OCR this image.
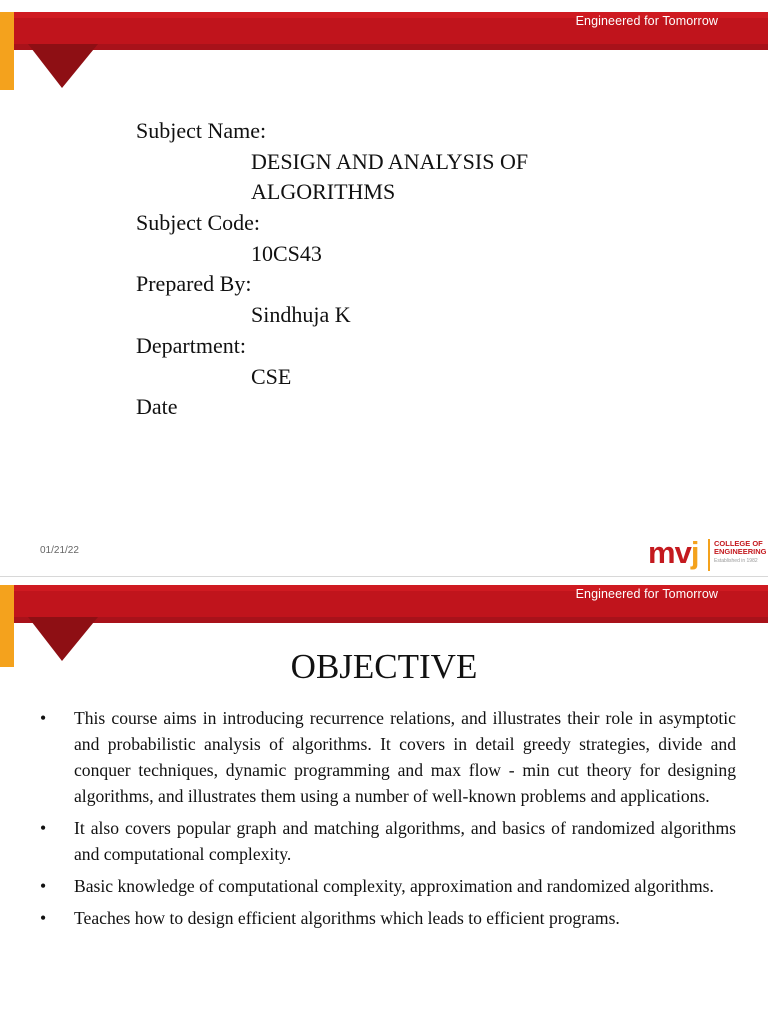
Engineered for Tomorrow
Subject Name:
DESIGN AND ANALYSIS OF
ALGORITHMS
Subject Code:
10CS43
Prepared By:
Sindhuja K
Department:
CSE
Date
01/21/22	mvj COLLEGE OF
ENGINEERING
Established in 1982
Engineered for Tomorrow
OBJECTIVE
• This course aims in introducing recurrence relations, and illustrates their role in asymptotic and probabilistic analysis of algorithms. It covers in detail greedy strategies, divide and conquer techniques, dynamic programming and max flow - min cut theory for designing algorithms, and illustrates them using a number of well-known problems and applications.
• It also covers popular graph and matching algorithms, and basics of randomized algorithms and computational complexity.
• Basic knowledge of computational complexity, approximation and randomized algorithms.
• Teaches how to design efficient algorithms which leads to efficient programs.
